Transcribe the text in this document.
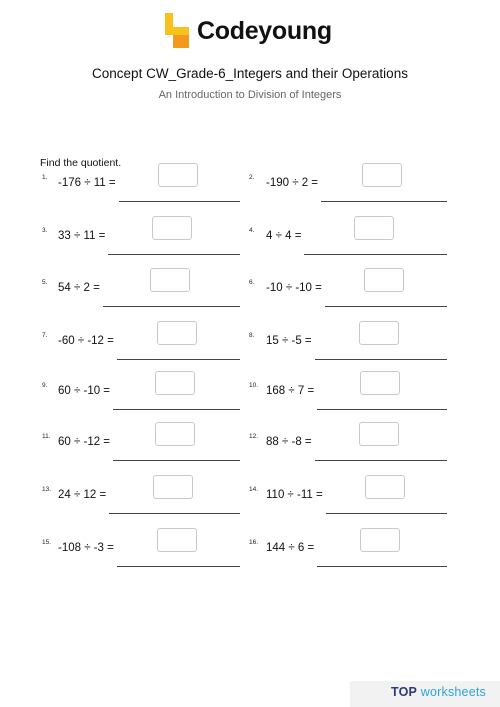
Codeyoung
Concept CW_Grade-6_Integers and their Operations
An Introduction to Division of Integers
Find the quotient.
1. -176 ÷ 11 =	2. -190 ÷ 2 =
3. 33 ÷ 11 =	4. 4 ÷ 4 =
5. 54 ÷ 2 =	6. -10 ÷ -10 =
7. -60 ÷ -12 =	8. 15 ÷ -5 =
9. 60 ÷ -10 =	10. 168 ÷ 7 =
11. 60 ÷ -12 =	12. 88 ÷ -8 =
13. 24 ÷ 12 =	14. 110 ÷ -11 =
15. -108 ÷ -3 =	16. 144 ÷ 6 =
TOP worksheets
